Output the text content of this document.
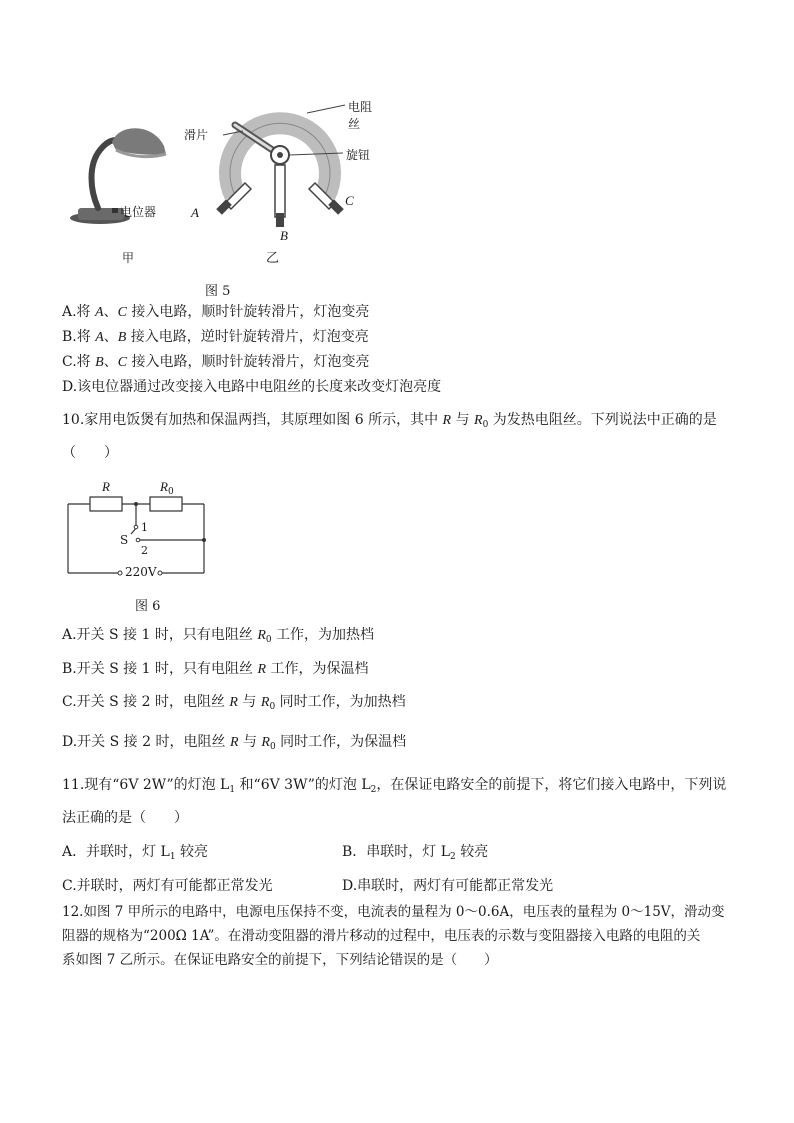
电位器
甲
电阻丝
滑片
旋钮
A
B
C
乙
图 5
A.将 A、C 接入电路，顺时针旋转滑片，灯泡变亮
B.将 A、B 接入电路，逆时针旋转滑片，灯泡变亮
C.将 B、C 接入电路，顺时针旋转滑片，灯泡变亮
D.该电位器通过改变接入电路中电阻丝的长度来改变灯泡亮度
10.家用电饭煲有加热和保温两挡，其原理如图 6 所示，其中 R 与 $R_0$ 为发热电阻丝。下列说法中正确的是
（　　）
R	$R_0$
1
S
2
220V
图 6
A.开关 S 接 1 时，只有电阻丝 $R_0$ 工作，为加热档
B.开关 S 接 1 时，只有电阻丝 R 工作，为保温档
C.开关 S 接 2 时，电阻丝 R 与 $R_0$ 同时工作，为加热档
D.开关 S 接 2 时，电阻丝 R 与 $R_0$ 同时工作，为保温档
11.现有“6V 2W”的灯泡 $L_1$ 和“6V 3W”的灯泡 $L_2$，在保证电路安全的前提下，将它们接入电路中，下列说
法正确的是（　　）
A．并联时，灯 $L_1$ 较亮	B．串联时，灯 $L_2$ 较亮
C.并联时，两灯有可能都正常发光	D.串联时，两灯有可能都正常发光
12.如图 7 甲所示的电路中，电源电压保持不变，电流表的量程为 0～0.6A，电压表的量程为 0～15V，滑动变
阻器的规格为“200Ω 1A”。在滑动变阻器的滑片移动的过程中，电压表的示数与变阻器接入电路的电阻的关
系如图 7 乙所示。在保证电路安全的前提下，下列结论错误的是（　　）
